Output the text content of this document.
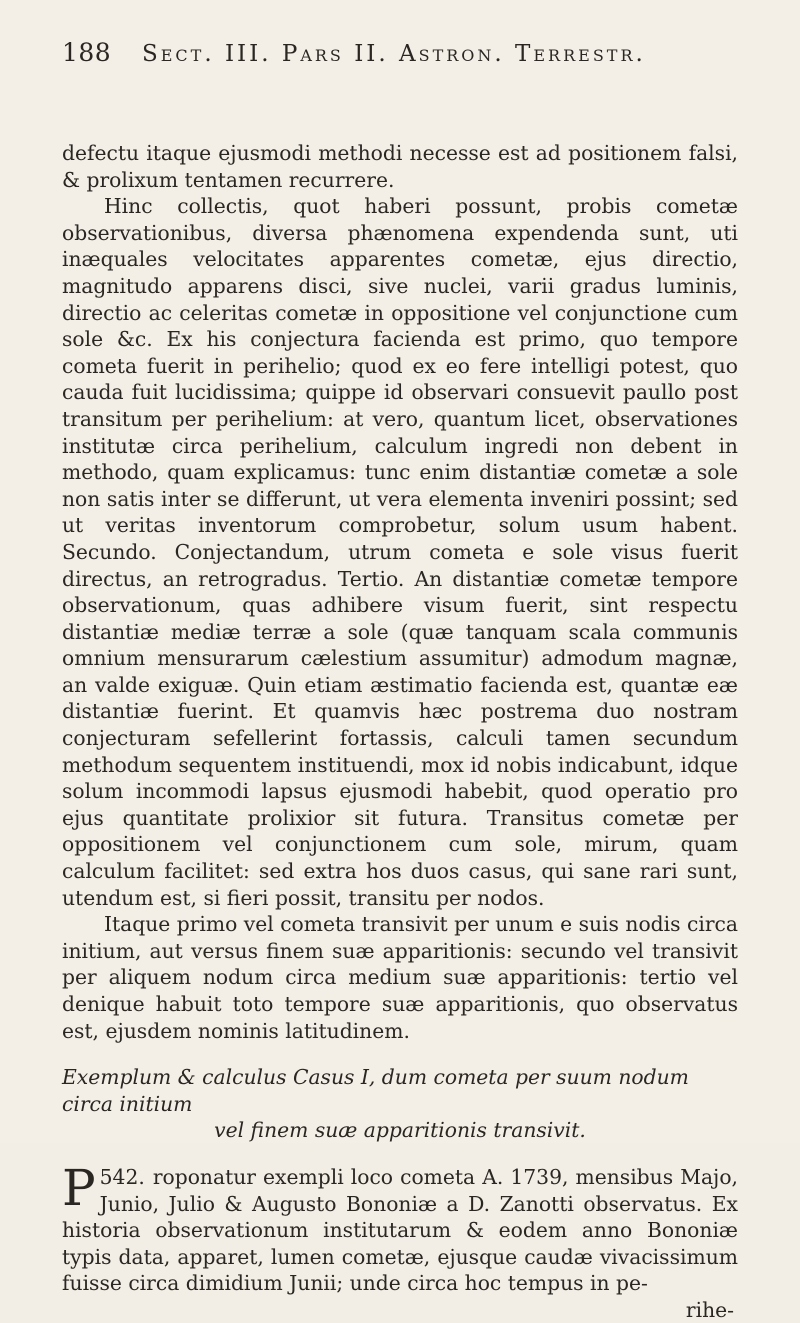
188	Sect. III. Pars II. Astron. Terrestr.

defectu itaque ejusmodi methodi necesse est ad positionem falsi, & prolixum tentamen recurrere.

Hinc collectis, quot haberi possunt, probis cometæ observationibus, diversa phænomena expendenda sunt, uti inæquales velocitates apparentes cometæ, ejus directio, magnitudo apparens disci, sive nuclei, varii gradus luminis, directio ac celeritas cometæ in oppositione vel conjunctione cum sole &c. Ex his conjectura facienda est primo, quo tempore cometa fuerit in perihelio; quod ex eo fere intelligi potest, quo cauda fuit lucidissima; quippe id observari consuevit paullo post transitum per perihelium: at vero, quantum licet, observationes institutæ circa perihelium, calculum ingredi non debent in methodo, quam explicamus: tunc enim distantiæ cometæ a sole non satis inter se differunt, ut vera elementa inveniri possint; sed ut veritas inventorum comprobetur, solum usum habent. Secundo. Conjectandum, utrum cometa e sole visus fuerit directus, an retrogradus. Tertio. An distantiæ cometæ tempore observationum, quas adhibere visum fuerit, sint respectu distantiæ mediæ terræ a sole (quæ tanquam scala communis omnium mensurarum cælestium assumitur) admodum magnæ, an valde exiguæ. Quin etiam æstimatio facienda est, quantæ eæ distantiæ fuerint. Et quamvis hæc postrema duo nostram conjecturam sefellerint fortassis, calculi tamen secundum methodum sequentem instituendi, mox id nobis indicabunt, idque solum incommodi lapsus ejusmodi habebit, quod operatio pro ejus quantitate prolixior sit futura. Transitus cometæ per oppositionem vel conjunctionem cum sole, mirum, quam calculum facilitet: sed extra hos duos casus, qui sane rari sunt, utendum est, si fieri possit, transitu per nodos.

Itaque primo vel cometa transivit per unum e suis nodis circa initium, aut versus finem suæ apparitionis: secundo vel transivit per aliquem nodum circa medium suæ apparitionis: tertio vel denique habuit toto tempore suæ apparitionis, quo observatus est, ejusdem nominis latitudinem.

Exemplum & calculus Casus I, dum cometa per suum nodum circa initium
vel finem suæ apparitionis transivit.

542.
P	roponatur exempli loco cometa A. 1739, mensibus Majo, Junio, Julio & Augusto Bononiæ a D. Zanotti observatus. Ex historia observationum institutarum & eodem anno Bononiæ typis data, apparet, lumen cometæ, ejusque caudæ vivacissimum fuisse circa dimidium Junii; unde circa hoc tempus in pe-

rihe-
